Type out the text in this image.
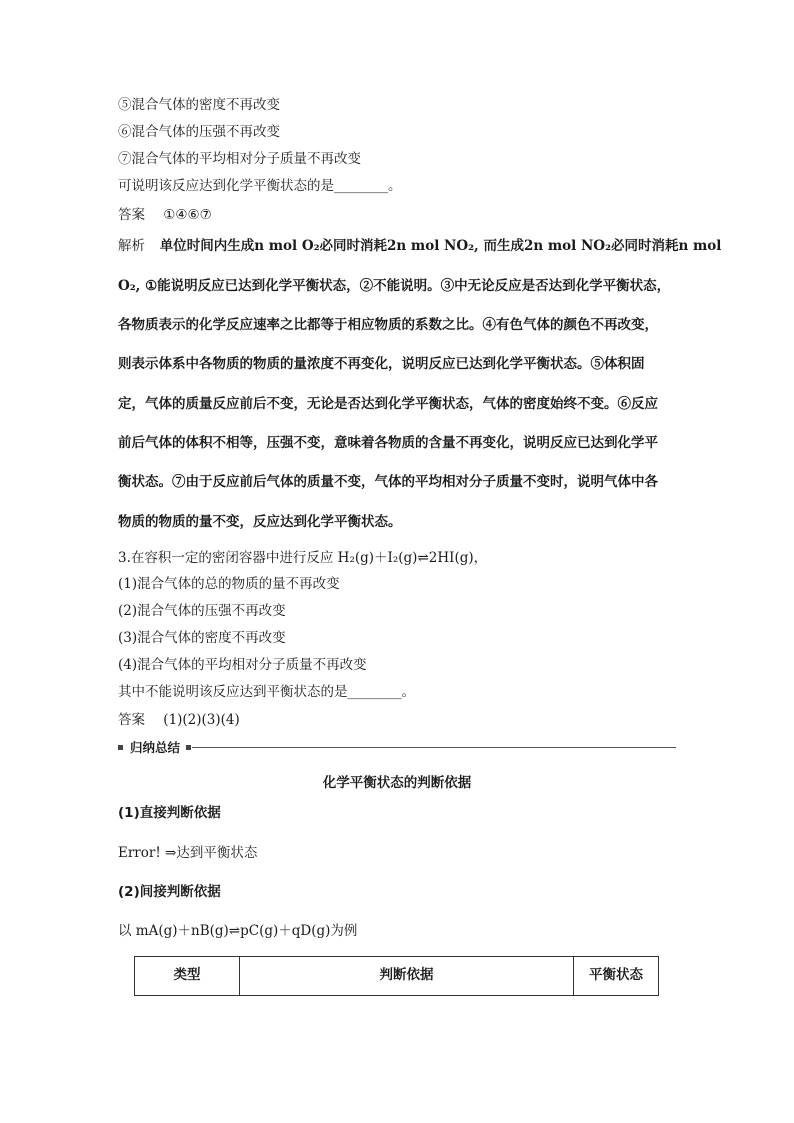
⑤混合气体的密度不再改变
⑥混合气体的压强不再改变
⑦混合气体的平均相对分子质量不再改变
可说明该反应达到化学平衡状态的是________。
答案 ①④⑥⑦
解析 单位时间内生成n mol O₂必同时消耗2n mol NO₂, 而生成2n mol NO₂必同时消耗n mol
O₂, ①能说明反应已达到化学平衡状态，②不能说明。③中无论反应是否达到化学平衡状态，
各物质表示的化学反应速率之比都等于相应物质的系数之比。④有色气体的颜色不再改变，
则表示体系中各物质的物质的量浓度不再变化，说明反应已达到化学平衡状态。⑤体积固
定，气体的质量反应前后不变，无论是否达到化学平衡状态，气体的密度始终不变。⑥反应
前后气体的体积不相等，压强不变，意味着各物质的含量不再变化，说明反应已达到化学平
衡状态。⑦由于反应前后气体的质量不变，气体的平均相对分子质量不变时，说明气体中各
物质的物质的量不变，反应达到化学平衡状态。
3.在容积一定的密闭容器中进行反应 H₂(g)＋I₂(g)⇌2HI(g)，
(1)混合气体的总的物质的量不再改变
(2)混合气体的压强不再改变
(3)混合气体的密度不再改变
(4)混合气体的平均相对分子质量不再改变
其中不能说明该反应达到平衡状态的是________。
答案 (1)(2)(3)(4)
归纳总结
化学平衡状态的判断依据
(1)直接判断依据
Error! ⇒达到平衡状态
(2)间接判断依据
以 mA(g)＋nB(g)⇌pC(g)＋qD(g)为例
类型	判断依据	平衡状态
